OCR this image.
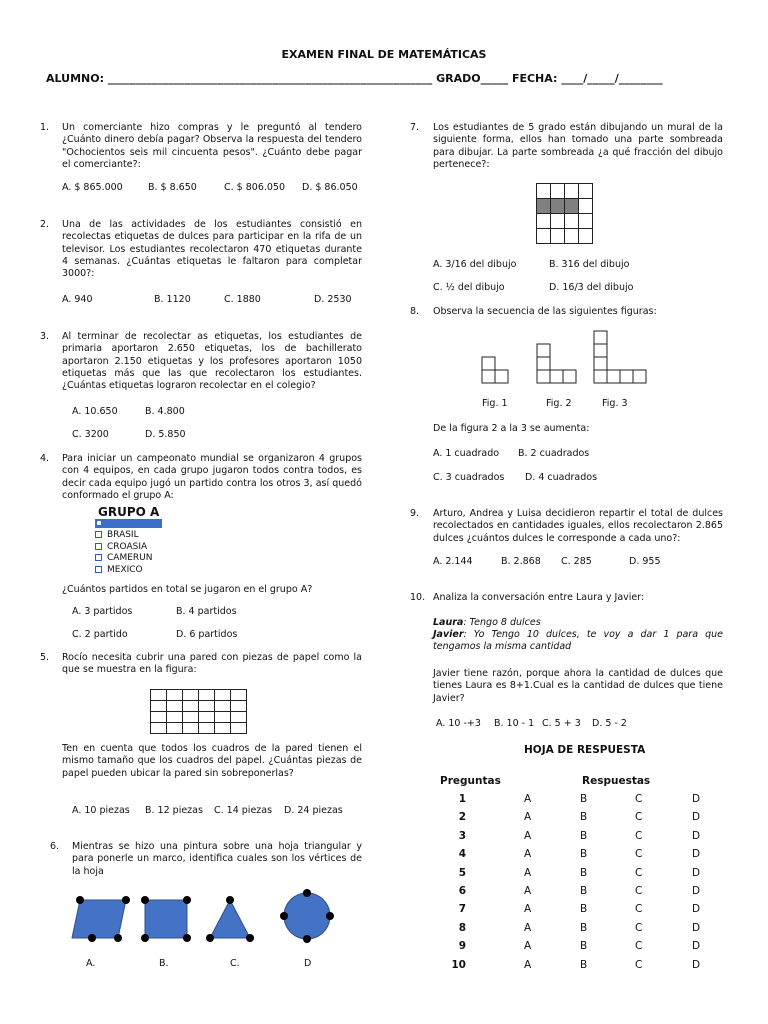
EXAMEN FINAL DE MATEMÁTICAS
ALUMNO: ___________________________________________________________ GRADO_____ FECHA: ____/_____/________
1. Un comerciante hizo compras y le preguntó al tendero ¿Cuánto dinero debía pagar? Observa la respuesta del tendero "Ochocientos seis mil cincuenta pesos". ¿Cuánto debe pagar el comerciante?:
A. $ 865.000	B. $ 8.650	C. $ 806.050 D. $ 86.050
2. Una de las actividades de los estudiantes consistió en recolectas etiquetas de dulces para participar en la rifa de un televisor. Los estudiantes recolectaron 470 etiquetas durante 4 semanas. ¿Cuántas etiquetas le faltaron para completar 3000?:
A. 940	B. 1120	C. 1880	D. 2530
3. Al terminar de recolectar as etiquetas, los estudiantes de primaria aportaron 2.650 etiquetas, los de bachillerato aportaron 2.150 etiquetas y los profesores aportaron 1050 etiquetas más que las que recolectaron los estudiantes. ¿Cuántas etiquetas lograron recolectar en el colegio?
A. 10.650	B. 4.800
C. 3200	D. 5.850
4. Para iniciar un campeonato mundial se organizaron 4 grupos con 4 equipos, en cada grupo jugaron todos contra todos, es decir cada equipo jugó un partido contra los otros 3, así quedó conformado el grupo A:
GRUPO A
BRASIL
CROASIA
CAMERUN
MEXICO
¿Cuántos partidos en total se jugaron en el grupo A?
A. 3 partidos	B. 4 partidos
C. 2 partido	D. 6 partidos
5. Rocío necesita cubrir una pared con piezas de papel como la que se muestra en la figura:

Ten en cuenta que todos los cuadros de la pared tienen el mismo tamaño que los cuadros del papel. ¿Cuántas piezas de papel pueden ubicar la pared sin sobreponerlas?
A. 10 piezas B. 12 piezas C. 14 piezas D. 24 piezas
6. Mientras se hizo una pintura sobre una hoja triangular y para ponerle un marco, identifica cuales son los vértices de la hoja
A.	B.	C.	D
7. Los estudiantes de 5 grado están dibujando un mural de la siguiente forma, ellos han tomado una parte sombreada para dibujar. La parte sombreada ¿a qué fracción del dibujo pertenece?:

A. 3/16 del dibujo	B. 316 del dibujo
C. ½ del dibujo	D. 16/3 del dibujo
8. Observa la secuencia de las siguientes figuras:
Fig. 1	Fig. 2	Fig. 3
De la figura 2 a la 3 se aumenta:
A. 1 cuadrado B. 2 cuadrados
C. 3 cuadrados D. 4 cuadrados
9. Arturo, Andrea y Luisa decidieron repartir el total de dulces recolectados en cantidades iguales, ellos recolectaron 2.865 dulces ¿cuántos dulces le corresponde a cada uno?:
A. 2.144	B. 2.868 C. 285	D. 955
10. Analiza la conversación entre Laura y Javier:
Laura: Tengo 8 dulces
Javier: Yo Tengo 10 dulces, te voy a dar 1 para que tengamos la misma cantidad
Javier tiene razón, porque ahora la cantidad de dulces que tienes Laura es 8+1.Cual es la cantidad de dulces que tiene Javier?
A. 10 -+3 B. 10 - 1 C. 5 + 3 D. 5 - 2
HOJA DE RESPUESTA
Preguntas	Respuestas
1	A	B	C	D
2	A	B	C	D
3	A	B	C	D
4	A	B	C	D
5	A	B	C	D
6	A	B	C	D
7	A	B	C	D
8	A	B	C	D
9	A	B	C	D
10	A	B	C	D
